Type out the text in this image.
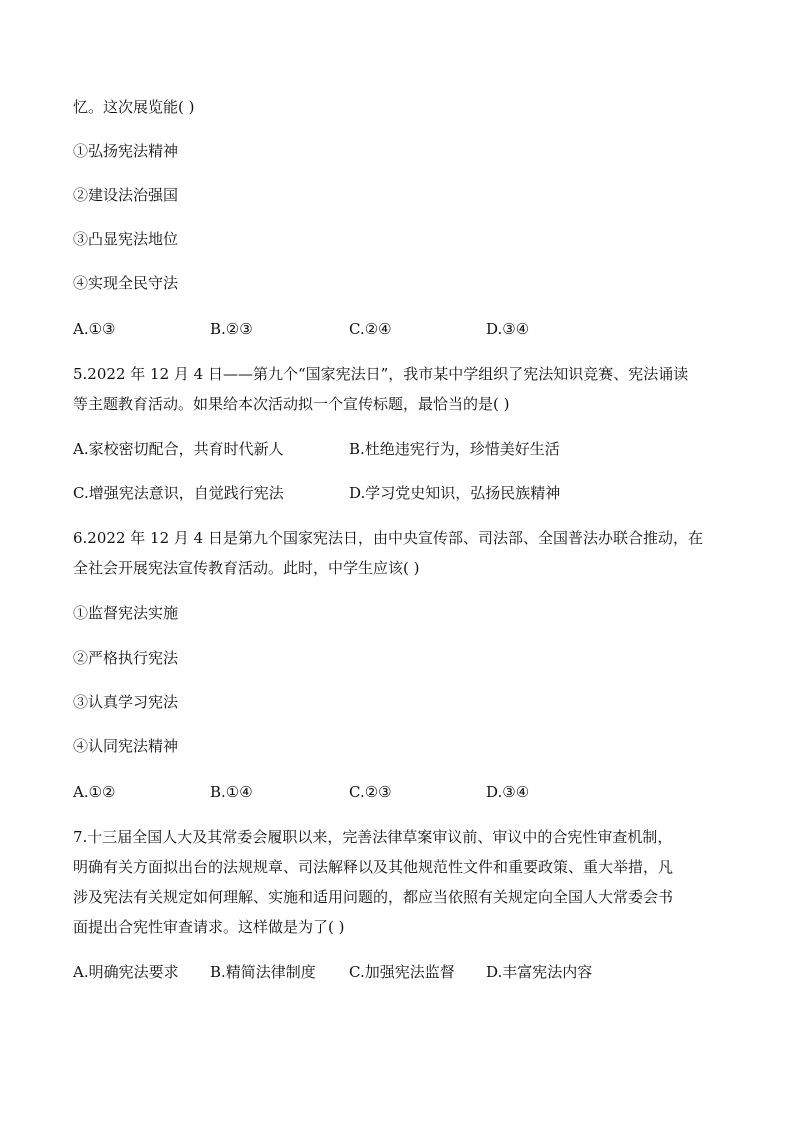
忆。这次展览能( )
①弘扬宪法精神
②建设法治强国
③凸显宪法地位
④实现全民守法
A.①③	B.②③	C.②④	D.③④
5.2022 年 12 月 4 日——第九个“国家宪法日”，我市某中学组织了宪法知识竞赛、宪法诵读
等主题教育活动。如果给本次活动拟一个宣传标题，最恰当的是( )
A.家校密切配合，共育时代新人	B.杜绝违宪行为，珍惜美好生活
C.增强宪法意识，自觉践行宪法	D.学习党史知识，弘扬民族精神
6.2022 年 12 月 4 日是第九个国家宪法日，由中央宣传部、司法部、全国普法办联合推动，在
全社会开展宪法宣传教育活动。此时，中学生应该( )
①监督宪法实施
②严格执行宪法
③认真学习宪法
④认同宪法精神
A.①②	B.①④	C.②③	D.③④
7.十三届全国人大及其常委会履职以来，完善法律草案审议前、审议中的合宪性审查机制，
明确有关方面拟出台的法规规章、司法解释以及其他规范性文件和重要政策、重大举措，凡
涉及宪法有关规定如何理解、实施和适用问题的，都应当依照有关规定向全国人大常委会书
面提出合宪性审查请求。这样做是为了( )
A.明确宪法要求 B.精简法律制度 C.加强宪法监督 D.丰富宪法内容
